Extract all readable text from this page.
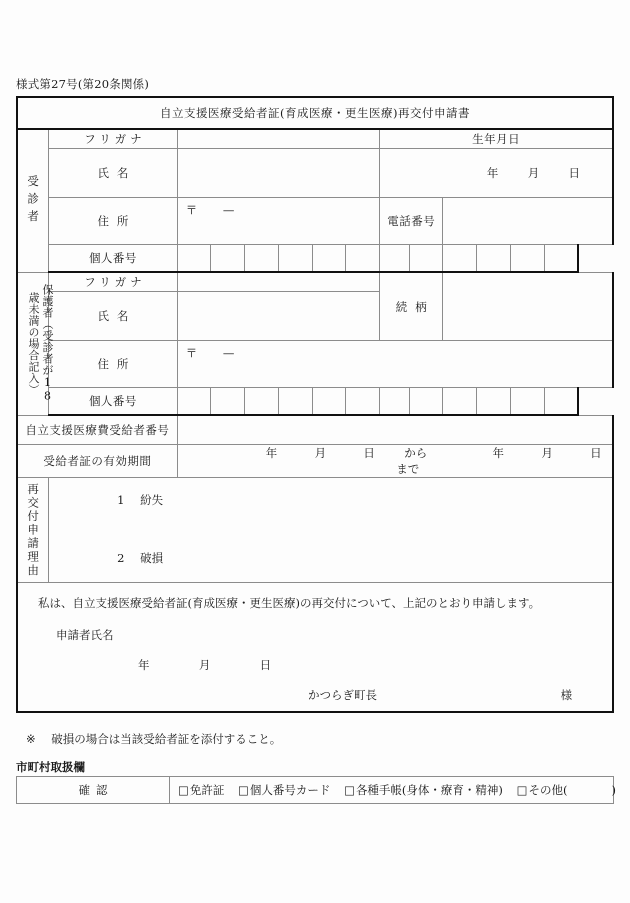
様式第27号(第20条関係)
自立支援医療受給者証(育成医療・更生医療)再交付申請書													
受診者	フリガナ							生年月日					
	氏名							年 月 日					

	住所	〒 —						電話番号					
	個人番号												

保護者（受診者が18
歳未満の場合記入）	フリガナ							続柄					
	氏名												
	住所	〒 —											

	個人番号												
自立支援医療費受給者番号													
受給者証の有効期間		年 月 日 から 年 月 日  まで											
再交付申請理由	1 紛失
2 破損												

私は、自立支援医療受給者証(育成医療・更生医療)の再交付について、上記のとおり申請します。
申請者氏名
年 月 日
かつらぎ町長 様													
※ 破損の場合は当該受給者証を添付すること。
市町村取扱欄
確認	□免許証 □個人番号カード □各種手帳(身体・療育・精神) □その他(	)
